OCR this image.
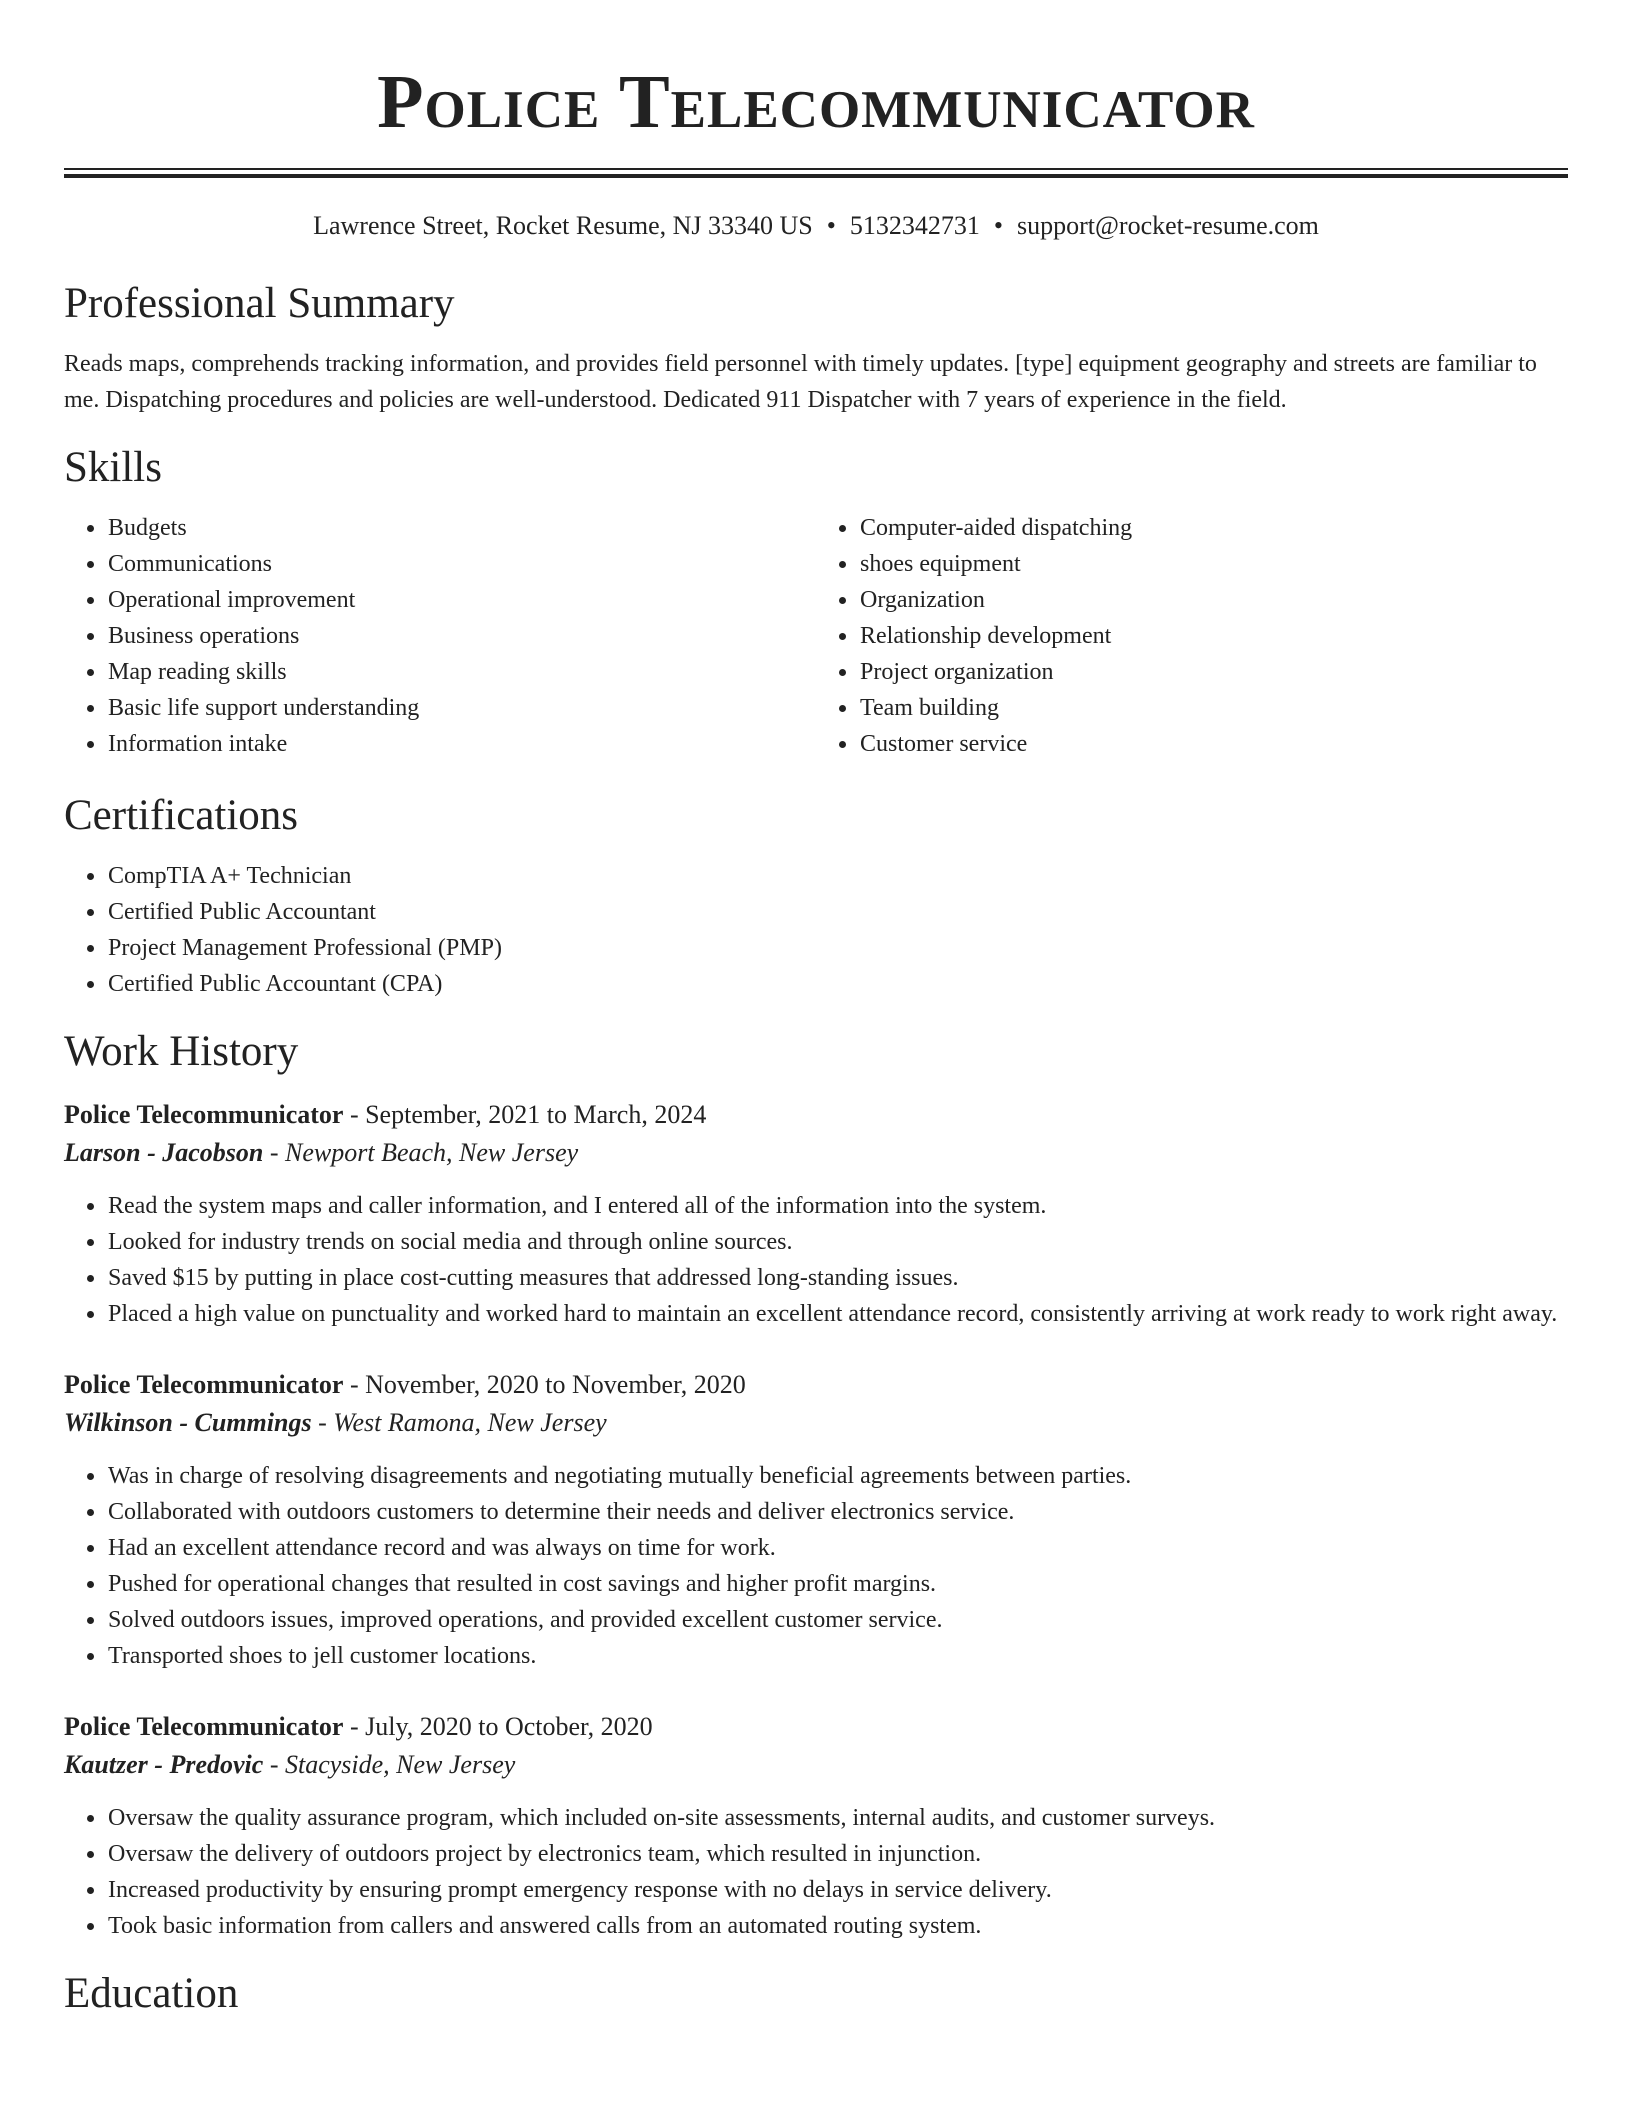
Police Telecommunicator
Lawrence Street, Rocket Resume, NJ 33340 US • 5132342731 • support@rocket-resume.com
Professional Summary
Reads maps, comprehends tracking information, and provides field personnel with timely updates. [type] equipment geography and streets are familiar to me. Dispatching procedures and policies are well-understood. Dedicated 911 Dispatcher with 7 years of experience in the field.
Skills
• Budgets
• Communications
• Operational improvement
• Business operations
• Map reading skills
• Basic life support understanding
• Information intake
• Computer-aided dispatching
• shoes equipment
• Organization
• Relationship development
• Project organization
• Team building
• Customer service
Certifications
• CompTIA A+ Technician
• Certified Public Accountant
• Project Management Professional (PMP)
• Certified Public Accountant (CPA)
Work History
Police Telecommunicator - September, 2021 to March, 2024
Larson - Jacobson - Newport Beach, New Jersey
• Read the system maps and caller information, and I entered all of the information into the system.
• Looked for industry trends on social media and through online sources.
• Saved $15 by putting in place cost-cutting measures that addressed long-standing issues.
• Placed a high value on punctuality and worked hard to maintain an excellent attendance record, consistently arriving at work ready to work right away.
Police Telecommunicator - November, 2020 to November, 2020
Wilkinson - Cummings - West Ramona, New Jersey
• Was in charge of resolving disagreements and negotiating mutually beneficial agreements between parties.
• Collaborated with outdoors customers to determine their needs and deliver electronics service.
• Had an excellent attendance record and was always on time for work.
• Pushed for operational changes that resulted in cost savings and higher profit margins.
• Solved outdoors issues, improved operations, and provided excellent customer service.
• Transported shoes to jell customer locations.
Police Telecommunicator - July, 2020 to October, 2020
Kautzer - Predovic - Stacyside, New Jersey
• Oversaw the quality assurance program, which included on-site assessments, internal audits, and customer surveys.
• Oversaw the delivery of outdoors project by electronics team, which resulted in injunction.
• Increased productivity by ensuring prompt emergency response with no delays in service delivery.
• Took basic information from callers and answered calls from an automated routing system.
Education
